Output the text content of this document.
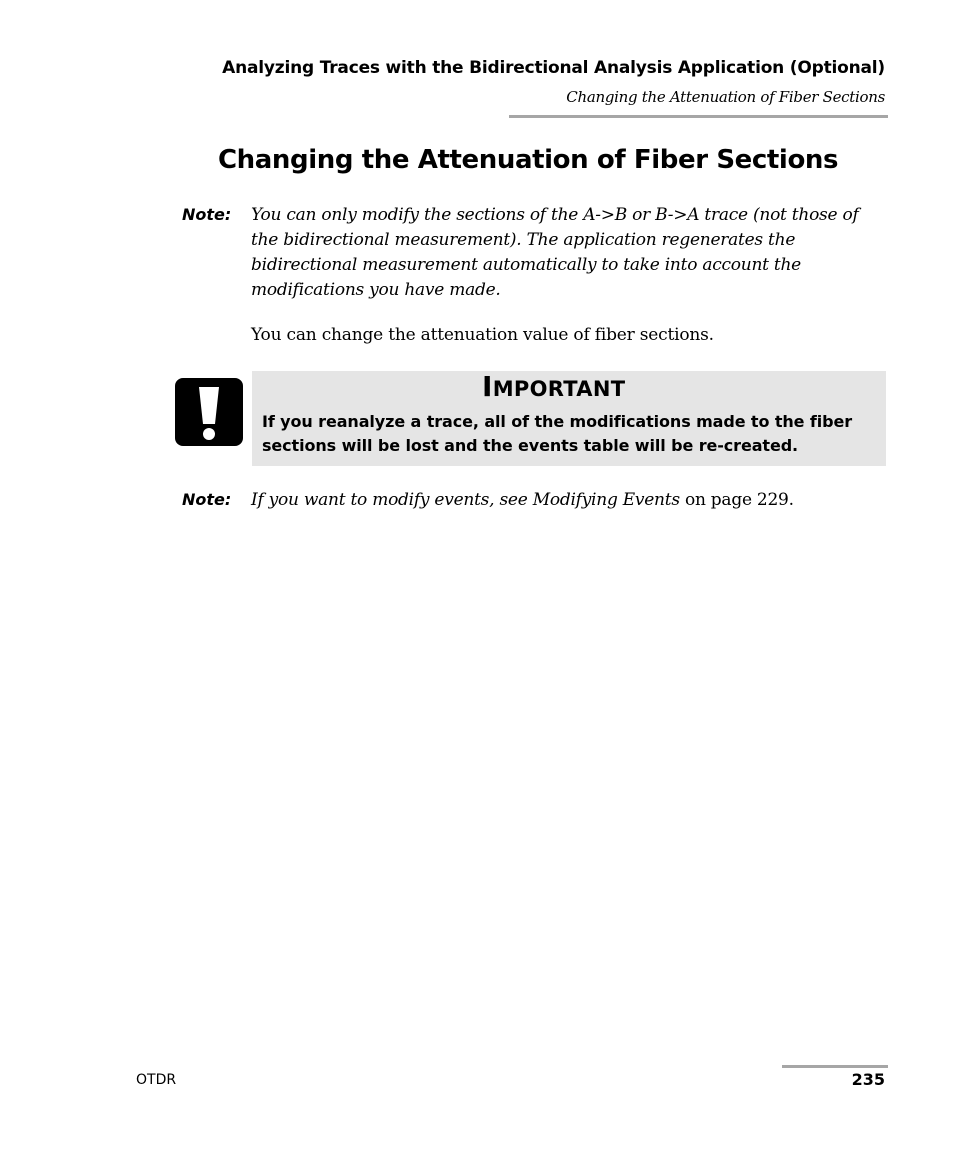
Analyzing Traces with the Bidirectional Analysis Application (Optional)
Changing the Attenuation of Fiber Sections
Changing the Attenuation of Fiber Sections
Note: You can only modify the sections of the A->B or B->A trace (not those of the bidirectional measurement). The application regenerates the bidirectional measurement automatically to take into account the modifications you have made.
You can change the attenuation value of fiber sections.
IMPORTANT
If you reanalyze a trace, all of the modifications made to the fiber sections will be lost and the events table will be re-created.
Note: If you want to modify events, see Modifying Events on page 229.
OTDR	235
